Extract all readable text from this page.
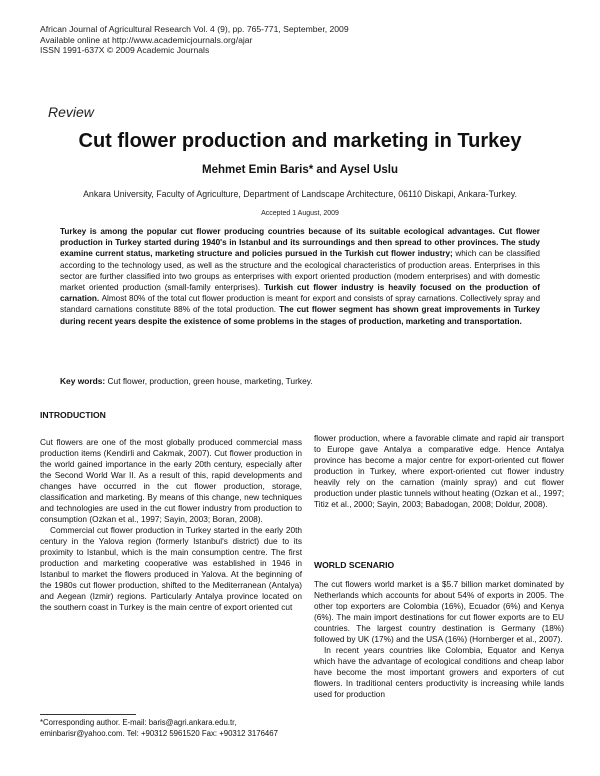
African Journal of Agricultural Research Vol. 4 (9), pp. 765-771, September, 2009
Available online at http://www.academicjournals.org/ajar
ISSN 1991-637X © 2009 Academic Journals
Review
Cut flower production and marketing in Turkey
Mehmet Emin Baris* and Aysel Uslu
Ankara University, Faculty of Agriculture, Department of Landscape Architecture, 06110 Diskapi, Ankara-Turkey.
Accepted 1 August, 2009
Turkey is among the popular cut flower producing countries because of its suitable ecological advantages. Cut flower production in Turkey started during 1940's in Istanbul and its surroundings and then spread to other provinces. The study examine current status, marketing structure and policies pursued in the Turkish cut flower industry; which can be classified according to the technology used, as well as the structure and the ecological characteristics of production areas. Enterprises in this sector are further classified into two groups as enterprises with export oriented production (modern enterprises) and with domestic market oriented production (small-family enterprises). Turkish cut flower industry is heavily focused on the production of carnation. Almost 80% of the total cut flower production is meant for export and consists of spray carnations. Collectively spray and standard carnations constitute 88% of the total production. The cut flower segment has shown great improvements in Turkey during recent years despite the existence of some problems in the stages of production, marketing and transportation.
Key words: Cut flower, production, green house, marketing, Turkey.
INTRODUCTION

Cut flowers are one of the most globally produced commercial mass production items (Kendirli and Cakmak, 2007). Cut flower production in the world gained importance in the early 20th century, especially after the Second World War II. As a result of this, rapid developments and changes have occurred in the cut flower production, storage, classification and marketing. By means of this change, new techniques and technologies are used in the cut flower industry from production to consumption (Ozkan et al., 1997; Sayin, 2003; Boran, 2008).

Commercial cut flower production in Turkey started in the early 20th century in the Yalova region (formerly Istanbul's district) due to its proximity to Istanbul, which is the main consumption centre. The first production and marketing cooperative was established in 1946 in Istanbul to market the flowers produced in Yalova. At the beginning of the 1980s cut flower production, shifted to the Mediterranean (Antalya) and Aegean (Izmir) regions. Particularly Antalya province located on the southern coast in Turkey is the main centre of export oriented cut

flower production, where a favorable climate and rapid air transport to Europe gave Antalya a comparative edge. Hence Antalya province has become a major centre for export-oriented cut flower production in Turkey, where export-oriented cut flower industry heavily rely on the carnation (mainly spray) and cut flower production under plastic tunnels without heating (Ozkan et al., 1997; Titiz et al., 2000; Sayin, 2003; Babadogan, 2008; Doldur, 2008).

WORLD SCENARIO

The cut flowers world market is a $5.7 billion market dominated by Netherlands which accounts for about 54% of exports in 2005. The other top exporters are Colombia (16%), Ecuador (6%) and Kenya (6%). The main import destinations for cut flower exports are to EU countries. The largest country destination is Germany (18%) followed by UK (17%) and the USA (16%) (Hornberger et al., 2007).

In recent years countries like Colombia, Equator and Kenya which have the advantage of ecological conditions and cheap labor have become the most important growers and exporters of cut flowers. In traditional centers productivity is increasing while lands used for production

*Corresponding author. E-mail: baris@agri.ankara.edu.tr, eminbarisr@yahoo.com. Tel: +90312 5961520 Fax: +90312 3176467
